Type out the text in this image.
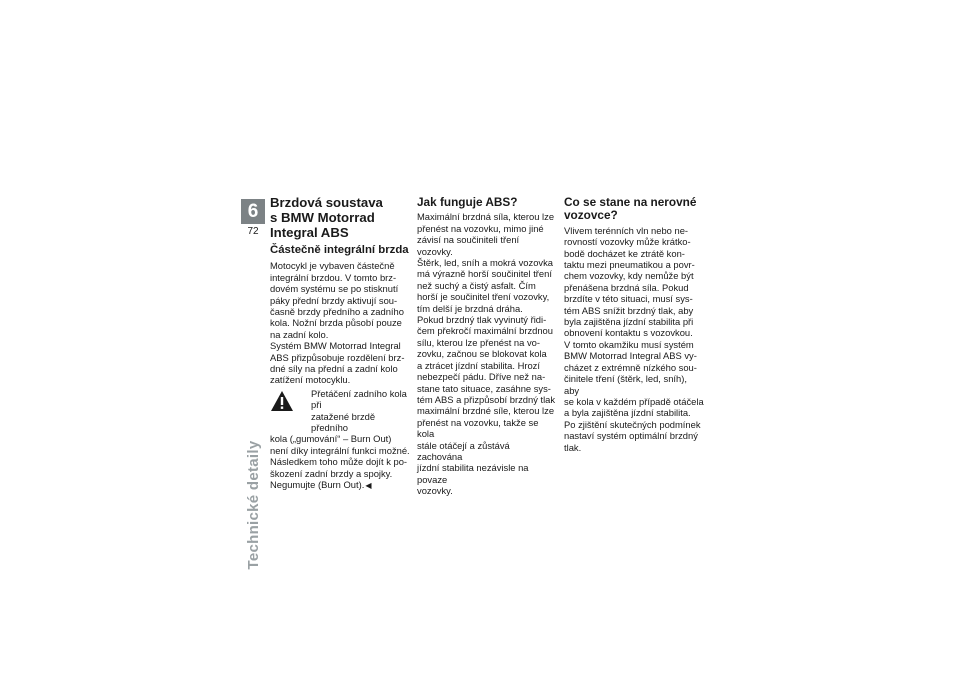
6
72
Technické detaily
Brzdová soustava
s BMW Motorrad
Integral ABS
Částečně integrální brzda

Motocykl je vybaven částečně
integrální brzdou. V tomto brz-
dovém systému se po stisknutí
páky přední brzdy aktivují sou-
časně brzdy předního a zadního
kola. Nožní brzda působí pouze
na zadní kolo.

Systém BMW Motorrad Integral
ABS přizpůsobuje rozdělení brz-
dné síly na přední a zadní kolo
zatížení motocyklu.

Přetáčení zadního kola při
zatažené brzdě předního

kola („gumování“ – Burn Out)
není díky integrální funkci možné.
Následkem toho může dojít k po-
škození zadní brzdy a spojky.
Negumujte (Burn Out).◀

Jak funguje ABS?

Maximální brzdná síla, kterou lze
přenést na vozovku, mimo jiné
závisí na součiniteli tření vozovky.
Štěrk, led, sníh a mokrá vozovka
má výrazně horší součinitel tření
než suchý a čistý asfalt. Čím
horší je součinitel tření vozovky,
tím delší je brzdná dráha.

Pokud brzdný tlak vyvinutý řidi-
čem překročí maximální brzdnou
sílu, kterou lze přenést na vo-
zovku, začnou se blokovat kola
a ztrácet jízdní stabilita. Hrozí
nebezpečí pádu. Dříve než na-
stane tato situace, zasáhne sys-
tém ABS a přizpůsobí brzdný tlak
maximální brzdné síle, kterou lze
přenést na vozovku, takže se kola
stále otáčejí a zůstává zachována
jízdní stabilita nezávisle na povaze
vozovky.

Co se stane na nerovné
vozovce?

Vlivem terénních vln nebo ne-
rovností vozovky může krátko-
bodě docházet ke ztrátě kon-
taktu mezi pneumatikou a povr-
chem vozovky, kdy nemůže být
přenášena brzdná síla. Pokud
brzdíte v této situaci, musí sys-
tém ABS snížit brzdný tlak, aby
byla zajištěna jízdní stabilita při
obnovení kontaktu s vozovkou.

V tomto okamžiku musí systém
BMW Motorrad Integral ABS vy-
cházet z extrémně nízkého sou-
činitele tření (štěrk, led, sníh), aby
se kola v každém případě otáčela
a byla zajištěna jízdní stabilita.

Po zjištění skutečných podmínek
nastaví systém optimální brzdný
tlak.
